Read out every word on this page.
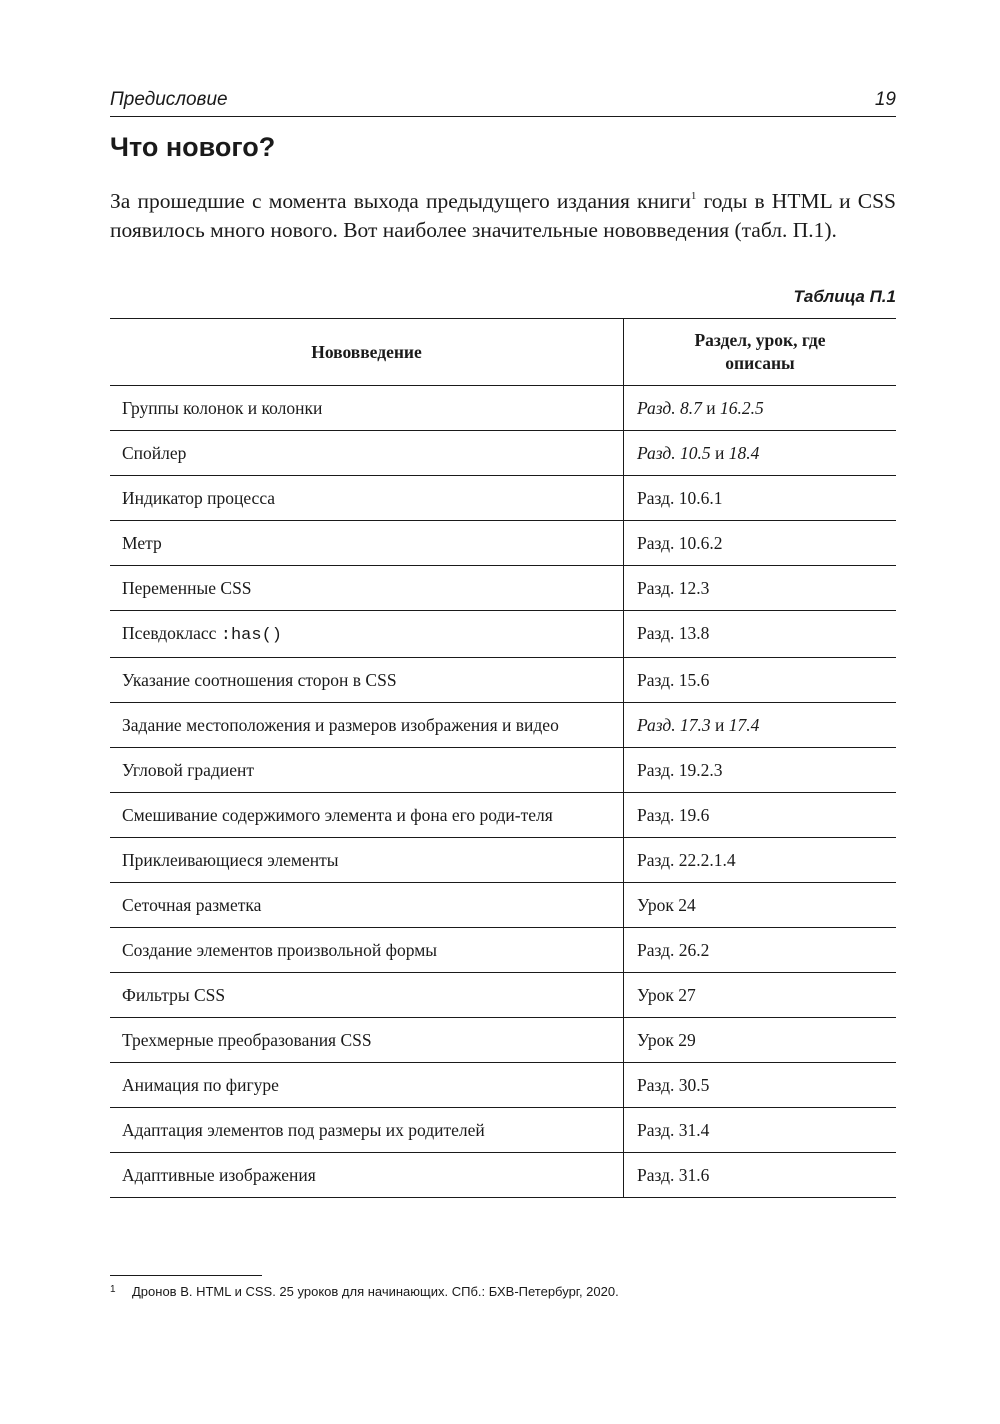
Предисловие	19
Что нового?

За прошедшие с момента выхода предыдущего издания книги$^1$ годы в HTML и CSS появилось много нового. Вот наиболее значительные нововведения (табл. П.1).

Таблица П.1
Нововведение	Раздел, урок, где описаны
Группы колонок и колонки	Разд. 8.7 и 16.2.5
Спойлер	Разд. 10.5 и 18.4
Индикатор процесса	Разд. 10.6.1
Метр	Разд. 10.6.2
Переменные CSS	Разд. 12.3
Псевдокласс :has()	Разд. 13.8
Указание соотношения сторон в CSS	Разд. 15.6
Задание местоположения и размеров изображения и видео	Разд. 17.3 и 17.4
Угловой градиент	Разд. 19.2.3
Смешивание содержимого элемента и фона его роди-теля	Разд. 19.6
Приклеивающиеся элементы	Разд. 22.2.1.4
Сеточная разметка	Урок 24
Создание элементов произвольной формы	Разд. 26.2
Фильтры CSS	Урок 27
Трехмерные преобразования CSS	Урок 29
Анимация по фигуре	Разд. 30.5
Адаптация элементов под размеры их родителей	Разд. 31.4
Адаптивные изображения	Разд. 31.6
1 Дронов В. HTML и CSS. 25 уроков для начинающих. СПб.: БХВ-Петербург, 2020.
